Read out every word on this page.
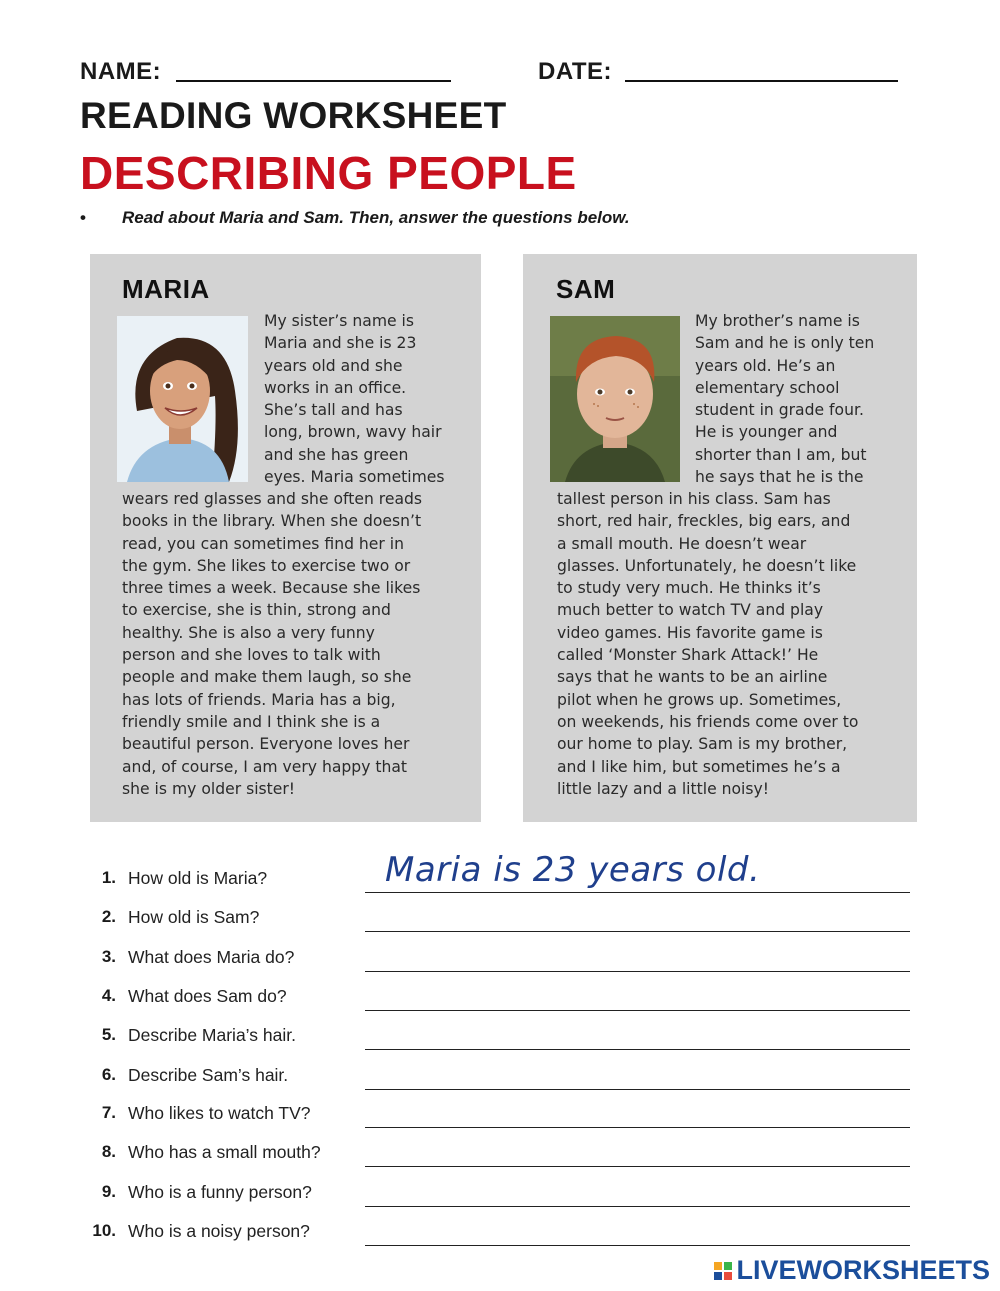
NAME:	DATE:
READING WORKSHEET
DESCRIBING PEOPLE
• Read about Maria and Sam. Then, answer the questions below.
MARIA
My sister’s name is
Maria and she is 23
years old and she
works in an office.
She’s tall and has
long, brown, wavy hair
and she has green
eyes. Maria sometimes
wears red glasses and she often reads
books in the library. When she doesn’t
read, you can sometimes find her in
the gym. She likes to exercise two or
three times a week. Because she likes
to exercise, she is thin, strong and
healthy. She is also a very funny
person and she loves to talk with
people and make them laugh, so she
has lots of friends. Maria has a big,
friendly smile and I think she is a
beautiful person. Everyone loves her
and, of course, I am very happy that
she is my older sister!
SAM
My brother’s name is
Sam and he is only ten
years old. He’s an
elementary school
student in grade four.
He is younger and
shorter than I am, but
he says that he is the
tallest person in his class. Sam has
short, red hair, freckles, big ears, and
a small mouth. He doesn’t wear
glasses. Unfortunately, he doesn’t like
to study very much. He thinks it’s
much better to watch TV and play
video games. His favorite game is
called ‘Monster Shark Attack!’ He
says that he wants to be an airline
pilot when he grows up. Sometimes,
on weekends, his friends come over to
our home to play. Sam is my brother,
and I like him, but sometimes he’s a
little lazy and a little noisy!
1. How old is Maria?	Maria is 23 years old.
2. How old is Sam?
3. What does Maria do?
4. What does Sam do?
5. Describe Maria’s hair.
6. Describe Sam’s hair.
7. Who likes to watch TV?
8. Who has a small mouth?
9. Who is a funny person?
10. Who is a noisy person?
LIVEWORKSHEETS
